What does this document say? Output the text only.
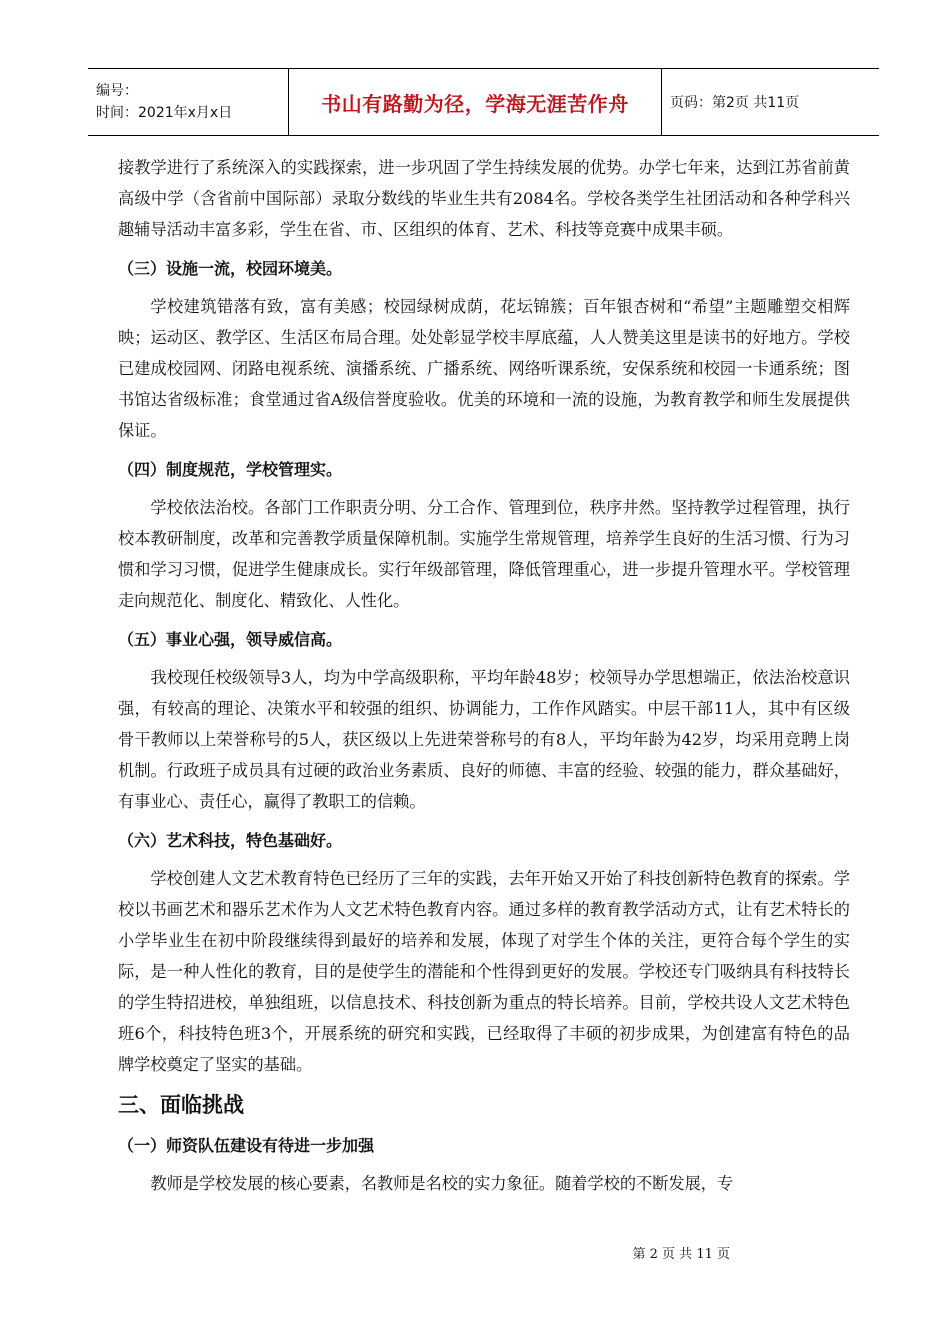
编号：
时间：2021年x月x日	书山有路勤为径，学海无涯苦作舟	页码：第2页 共11页

接教学进行了系统深入的实践探索，进一步巩固了学生持续发展的优势。办学七年来，达到江苏省前黄高级中学（含省前中国际部）录取分数线的毕业生共有2084名。学校各类学生社团活动和各种学科兴趣辅导活动丰富多彩，学生在省、市、区组织的体育、艺术、科技等竞赛中成果丰硕。

（三）设施一流，校园环境美。

学校建筑错落有致，富有美感；校园绿树成荫，花坛锦簇；百年银杏树和“希望”主题雕塑交相辉映；运动区、教学区、生活区布局合理。处处彰显学校丰厚底蕴，人人赞美这里是读书的好地方。学校已建成校园网、闭路电视系统、演播系统、广播系统、网络听课系统，安保系统和校园一卡通系统；图书馆达省级标准；食堂通过省A级信誉度验收。优美的环境和一流的设施，为教育教学和师生发展提供保证。

（四）制度规范，学校管理实。

学校依法治校。各部门工作职责分明、分工合作、管理到位，秩序井然。坚持教学过程管理，执行校本教研制度，改革和完善教学质量保障机制。实施学生常规管理，培养学生良好的生活习惯、行为习惯和学习习惯，促进学生健康成长。实行年级部管理，降低管理重心，进一步提升管理水平。学校管理走向规范化、制度化、精致化、人性化。

（五）事业心强，领导威信高。

我校现任校级领导3人，均为中学高级职称，平均年龄48岁；校领导办学思想端正，依法治校意识强，有较高的理论、决策水平和较强的组织、协调能力，工作作风踏实。中层干部11人，其中有区级骨干教师以上荣誉称号的5人，获区级以上先进荣誉称号的有8人，平均年龄为42岁，均采用竞聘上岗机制。行政班子成员具有过硬的政治业务素质、良好的师德、丰富的经验、较强的能力，群众基础好，有事业心、责任心，赢得了教职工的信赖。

（六）艺术科技，特色基础好。

学校创建人文艺术教育特色已经历了三年的实践，去年开始又开始了科技创新特色教育的探索。学校以书画艺术和器乐艺术作为人文艺术特色教育内容。通过多样的教育教学活动方式，让有艺术特长的小学毕业生在初中阶段继续得到最好的培养和发展，体现了对学生个体的关注，更符合每个学生的实际，是一种人性化的教育，目的是使学生的潜能和个性得到更好的发展。学校还专门吸纳具有科技特长的学生特招进校，单独组班，以信息技术、科技创新为重点的特长培养。目前，学校共设人文艺术特色班6个，科技特色班3个，开展系统的研究和实践，已经取得了丰硕的初步成果，为创建富有特色的品牌学校奠定了坚实的基础。

三、面临挑战
（一）师资队伍建设有待进一步加强

教师是学校发展的核心要素，名教师是名校的实力象征。随着学校的不断发展，专

第 2 页 共 11 页
